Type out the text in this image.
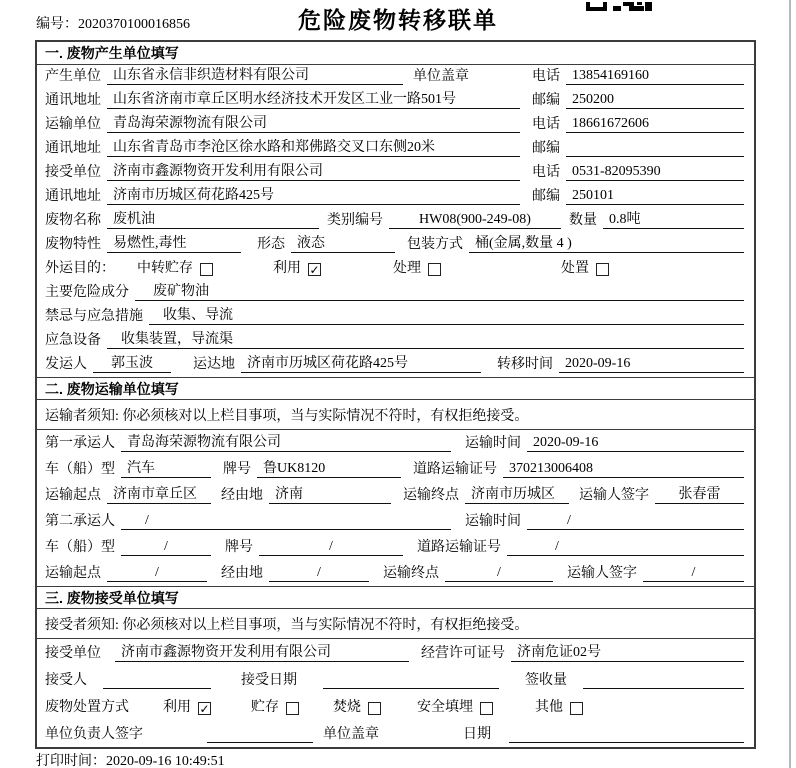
编号：2020370100016856	危险废物转移联单
一. 废物产生单位填写
产生单位 山东省永信非织造材料有限公司	单位盖章	电话 13854169160
通讯地址 山东省济南市章丘区明水经济技术开发区工业一路501号	邮编 250200
运输单位 青岛海荣源物流有限公司	电话 18661672606
通讯地址 山东省青岛市李沧区徐水路和郑佛路交叉口东侧20米	邮编
接受单位 济南市鑫源物资开发利用有限公司	电话 0531-82095390
通讯地址 济南市历城区荷花路425号	邮编 250101
废物名称 废机油	类别编号	HW08(900-249-08)	数量 0.8吨
废物特性 易燃性,毒性	形态 液态	包装方式 桶(金属,数量 4 )
外运目的： 中转贮存	利用 ✓	处理	处置
主要危险成分	废矿物油
禁忌与应急措施	收集、导流
应急设备	收集装置，导流渠
发运人	郭玉波	运达地 济南市历城区荷花路425号	转移时间 2020-09-16
二. 废物运输单位填写
运输者须知: 你必须核对以上栏目事项，当与实际情况不符时，有权拒绝接受。
第一承运人 青岛海荣源物流有限公司	运输时间 2020-09-16
车（船）型 汽车	牌号 鲁UK8120	道路运输证号 370213006408
运输起点 济南市章丘区	经由地 济南	运输终点 济南市历城区	运输人签字	张春雷
第二承运人	/	运输时间	/
车（船）型	/	牌号	/	道路运输证号	/
运输起点	/	经由地	/	运输终点	/	运输人签字	/
三. 废物接受单位填写
接受者须知: 你必须核对以上栏目事项，当与实际情况不符时，有权拒绝接受。
接受单位	济南市鑫源物资开发利用有限公司	经营许可证号 济南危证02号
接受人	接受日期	签收量
废物处置方式 利用 ✓	贮存	焚烧	安全填埋	其他
单位负责人签字	单位盖章	日期
打印时间：2020-09-16 10:49:51
